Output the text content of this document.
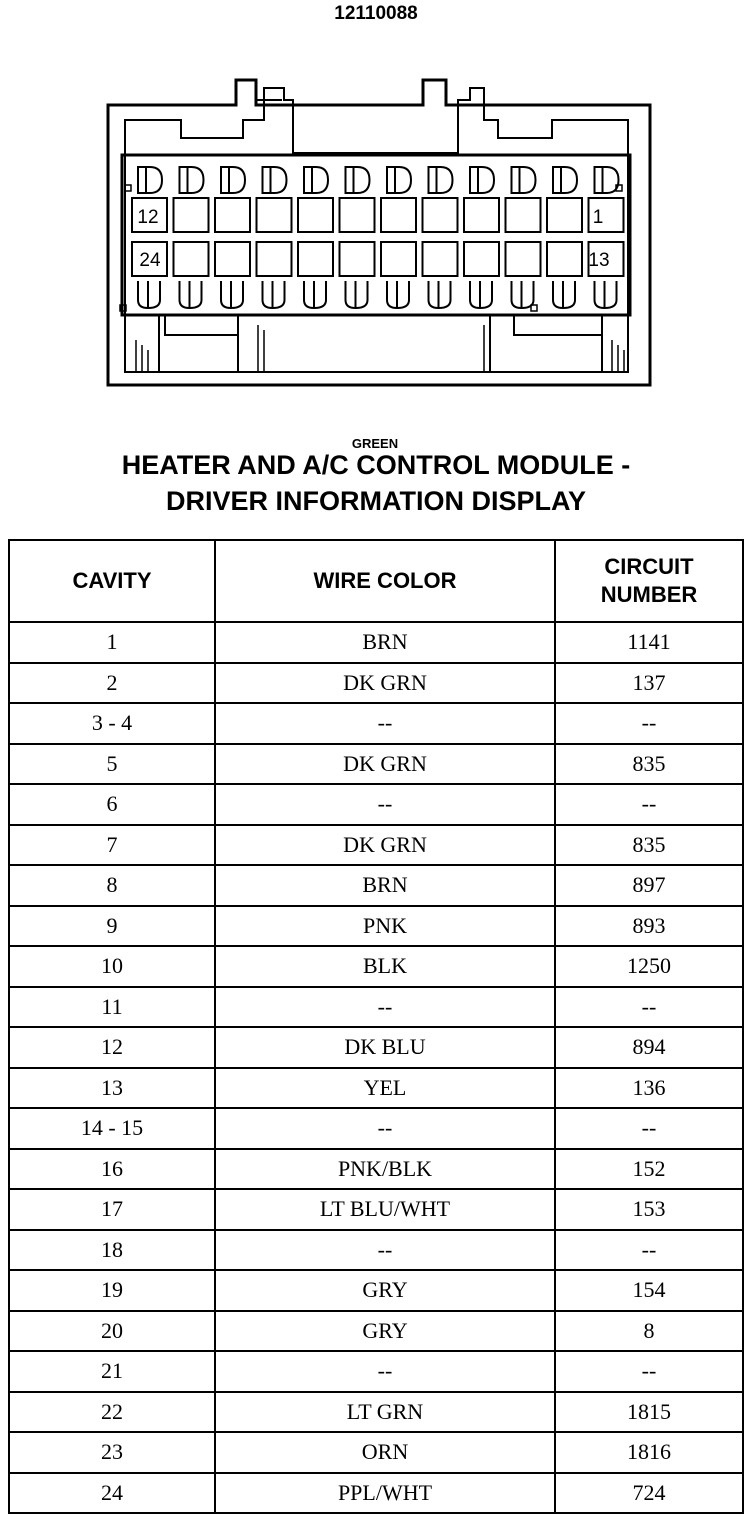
12110088
12	1
24	13
GREEN
HEATER AND A/C CONTROL MODULE -
DRIVER INFORMATION DISPLAY
CAVITY	WIRE COLOR	CIRCUIT
NUMBER
1	BRN	1141
2	DK GRN	137
3 - 4	--	--
5	DK GRN	835
6	--	--
7	DK GRN	835
8	BRN	897
9	PNK	893
10	BLK	1250
11	--	--
12	DK BLU	894
13	YEL	136
14 - 15	--	--
16	PNK/BLK	152
17	LT BLU/WHT	153
18	--	--
19	GRY	154
20	GRY	8
21	--	--
22	LT GRN	1815
23	ORN	1816
24	PPL/WHT	724
